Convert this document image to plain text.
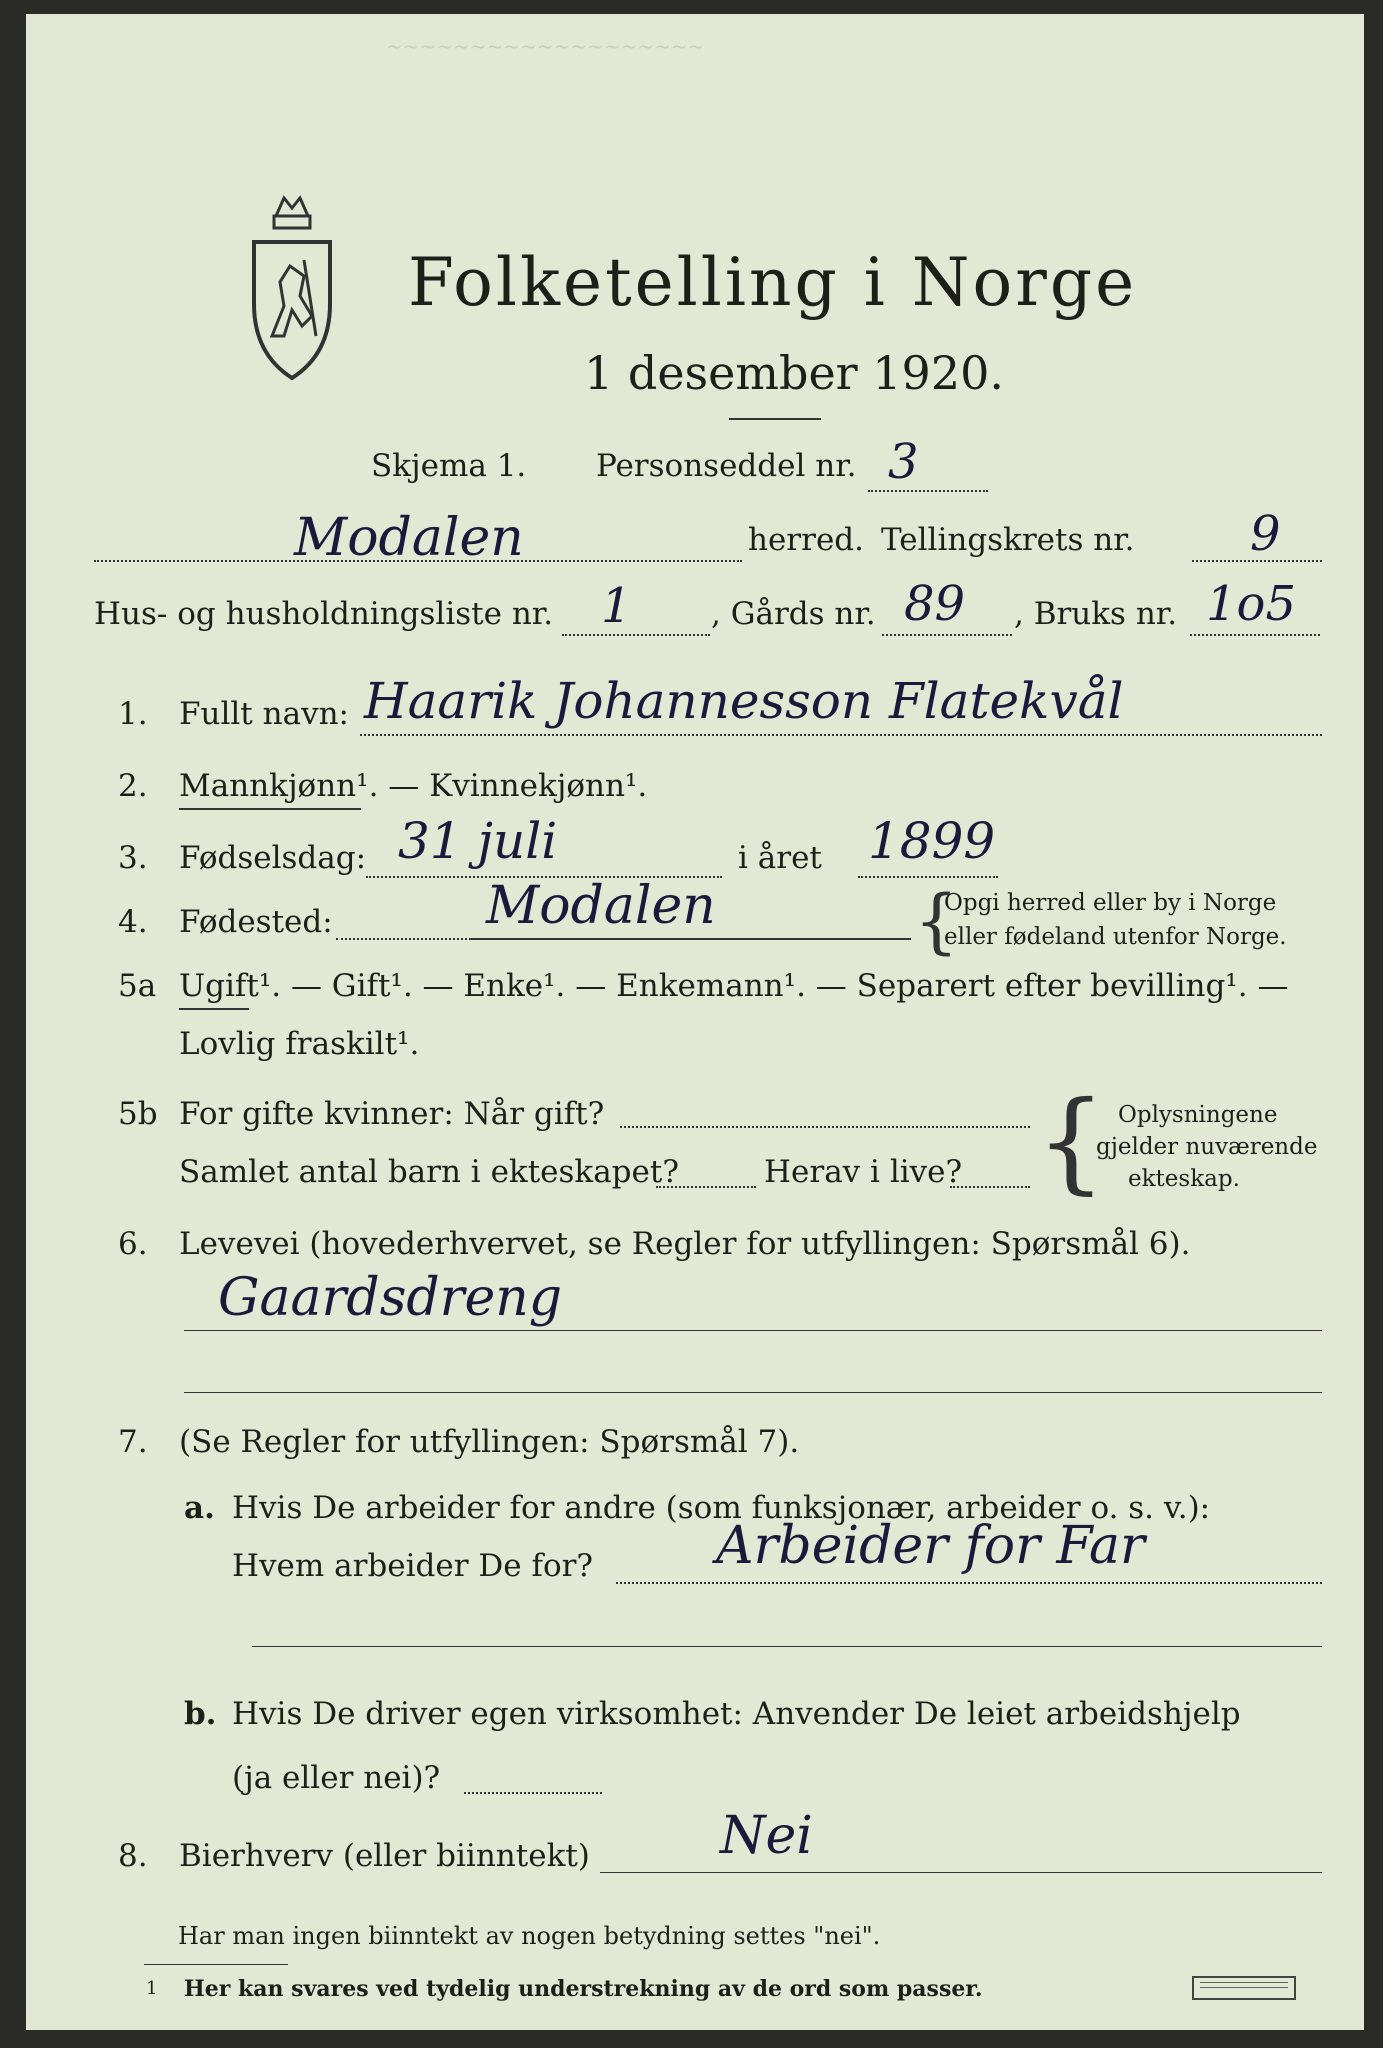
~~~~~~~~~~~~~~~~~~~
Folketelling i Norge
1 desember 1920.
Skjema 1. Personseddel nr. 3
Modalen	herred. Tellingskrets nr. 9
Hus- og husholdningsliste nr. 1	, Gårds nr. 89 , Bruks nr. 1o5
1. Fullt navn: Haarik Johannesson Flatekvål
2. Mannkjønn¹. — Kvinnekjønn¹.
3. Fødselsdag: 31 juli	i året 1899
4. Fødested:	Modalen	{
Opgi herred eller by i Norge
eller fødeland utenfor Norge.
5a Ugift¹. — Gift¹. — Enke¹. — Enkemann¹. — Separert efter bevilling¹. —
Lovlig fraskilt¹.
5b For gifte kvinner: Når gift?
Samlet antal barn i ekteskapet?	Herav i live? { Oplysningene
gjelder nuværende
ekteskap.
6. Levevei (hovederhvervet, se Regler for utfyllingen: Spørsmål 6).
Gaardsdreng
7. (Se Regler for utfyllingen: Spørsmål 7).
a. Hvis De arbeider for andre (som funksjonær, arbeider o. s. v.):
Hvem arbeider De for? Arbeider for Far
b. Hvis De driver egen virksomhet: Anvender De leiet arbeidshjelp
(ja eller nei)?
8. Bierhverv (eller biinntekt)	Nei
Har man ingen biinntekt av nogen betydning settes "nei".
1 Her kan svares ved tydelig understrekning av de ord som passer.
